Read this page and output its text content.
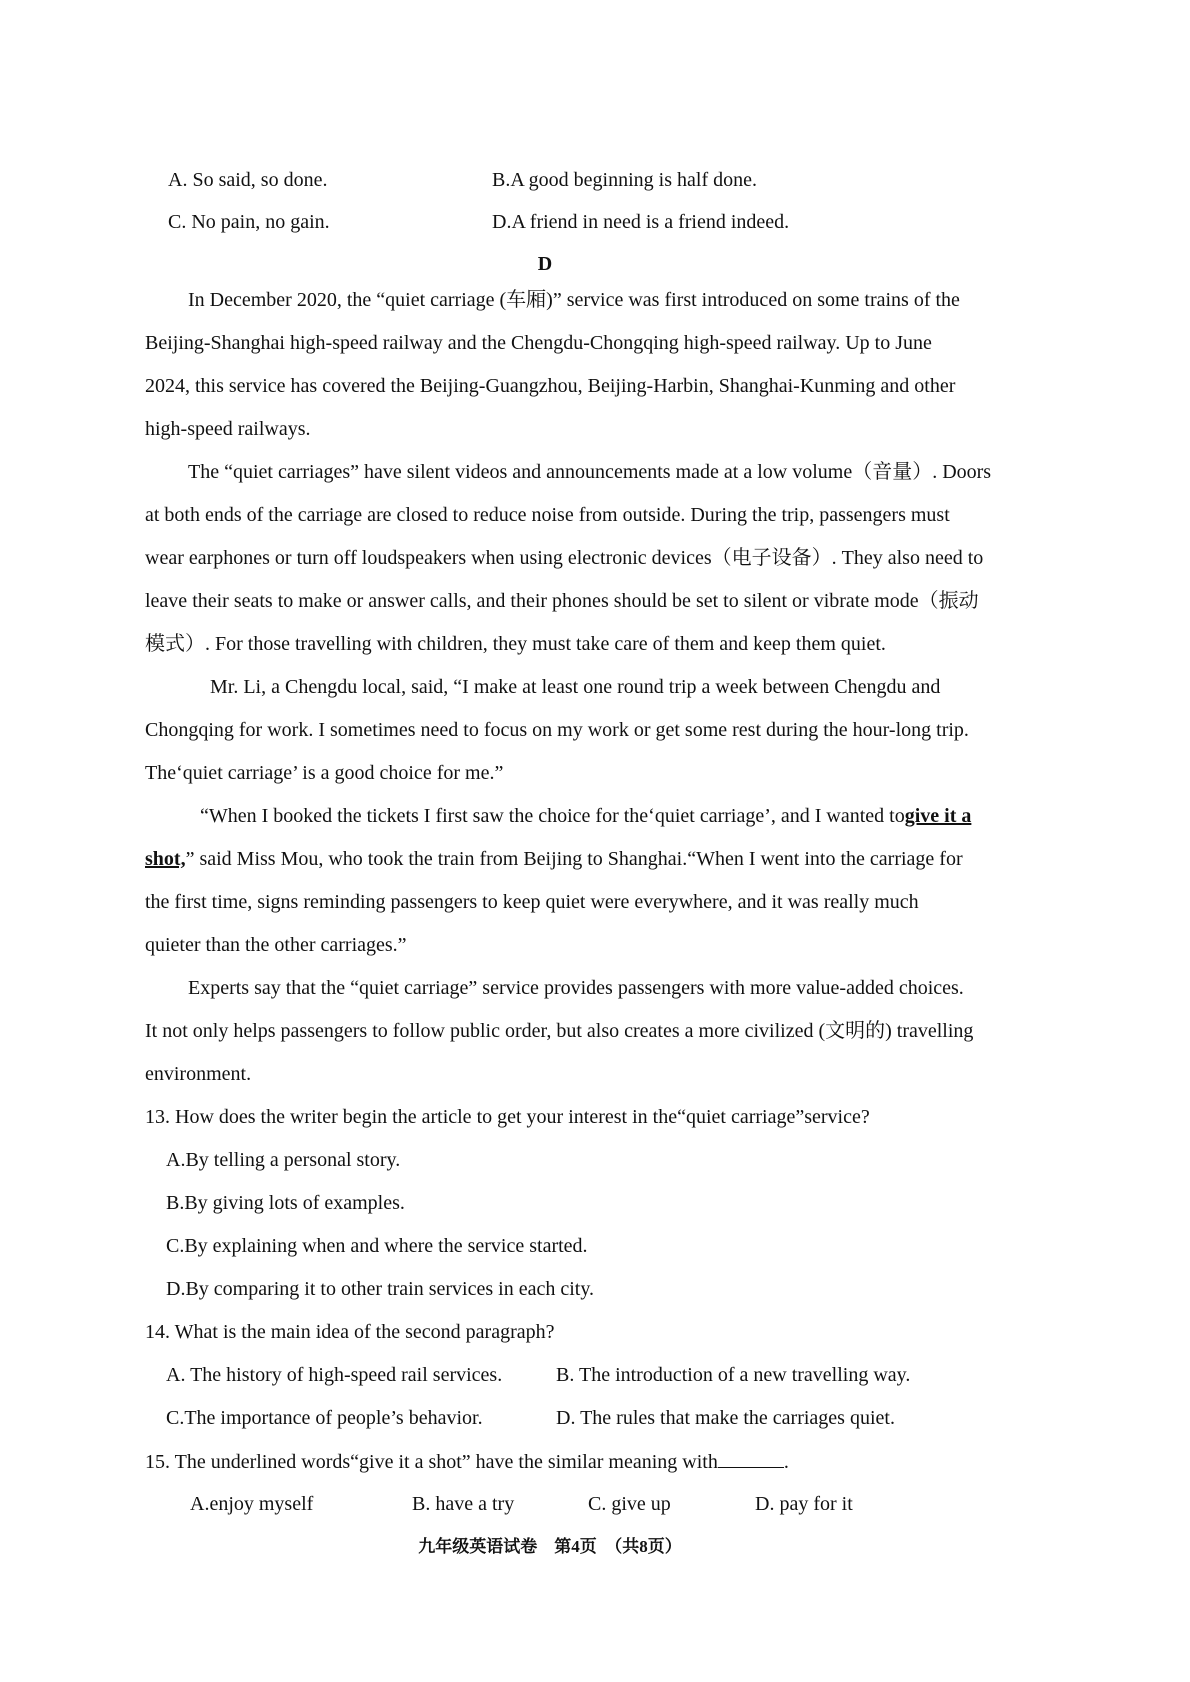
A. So said, so done.	B.A good beginning is half done.
C. No pain, no gain.	D.A friend in need is a friend indeed.
D
In December 2020, the “quiet carriage (车厢)” service was first introduced on some trains of the
Beijing-Shanghai high-speed railway and the Chengdu-Chongqing high-speed railway. Up to June
2024, this service has covered the Beijing-Guangzhou, Beijing-Harbin, Shanghai-Kunming and other
high-speed railways.
The “quiet carriages” have silent videos and announcements made at a low volume（音量）. Doors
at both ends of the carriage are closed to reduce noise from outside. During the trip, passengers must
wear earphones or turn off loudspeakers when using electronic devices（电子设备）. They also need to
leave their seats to make or answer calls, and their phones should be set to silent or vibrate mode（振动
模式）. For those travelling with children, they must take care of them and keep them quiet.
Mr. Li, a Chengdu local, said, “I make at least one round trip a week between Chengdu and
Chongqing for work. I sometimes need to focus on my work or get some rest during the hour-long trip.
The‘quiet carriage’ is a good choice for me.”
“When I booked the tickets I first saw the choice for the‘quiet carriage’, and I wanted togive it a
shot,” said Miss Mou, who took the train from Beijing to Shanghai.“When I went into the carriage for
the first time, signs reminding passengers to keep quiet were everywhere, and it was really much
quieter than the other carriages.”
Experts say that the “quiet carriage” service provides passengers with more value-added choices.
It not only helps passengers to follow public order, but also creates a more civilized (文明的) travelling
environment.
13. How does the writer begin the article to get your interest in the“quiet carriage”service?
A.By telling a personal story.
B.By giving lots of examples.
C.By explaining when and where the service started.
D.By comparing it to other train services in each city.
14. What is the main idea of the second paragraph?
A. The history of high-speed rail services.	B. The introduction of a new travelling way.
C.The importance of people’s behavior.	D. The rules that make the carriages quiet.
15. The underlined words“give it a shot” have the similar meaning with	.
A.enjoy myself	B. have a try	C. give up	D. pay for it
九年级英语试卷　第4页　（共8页）
